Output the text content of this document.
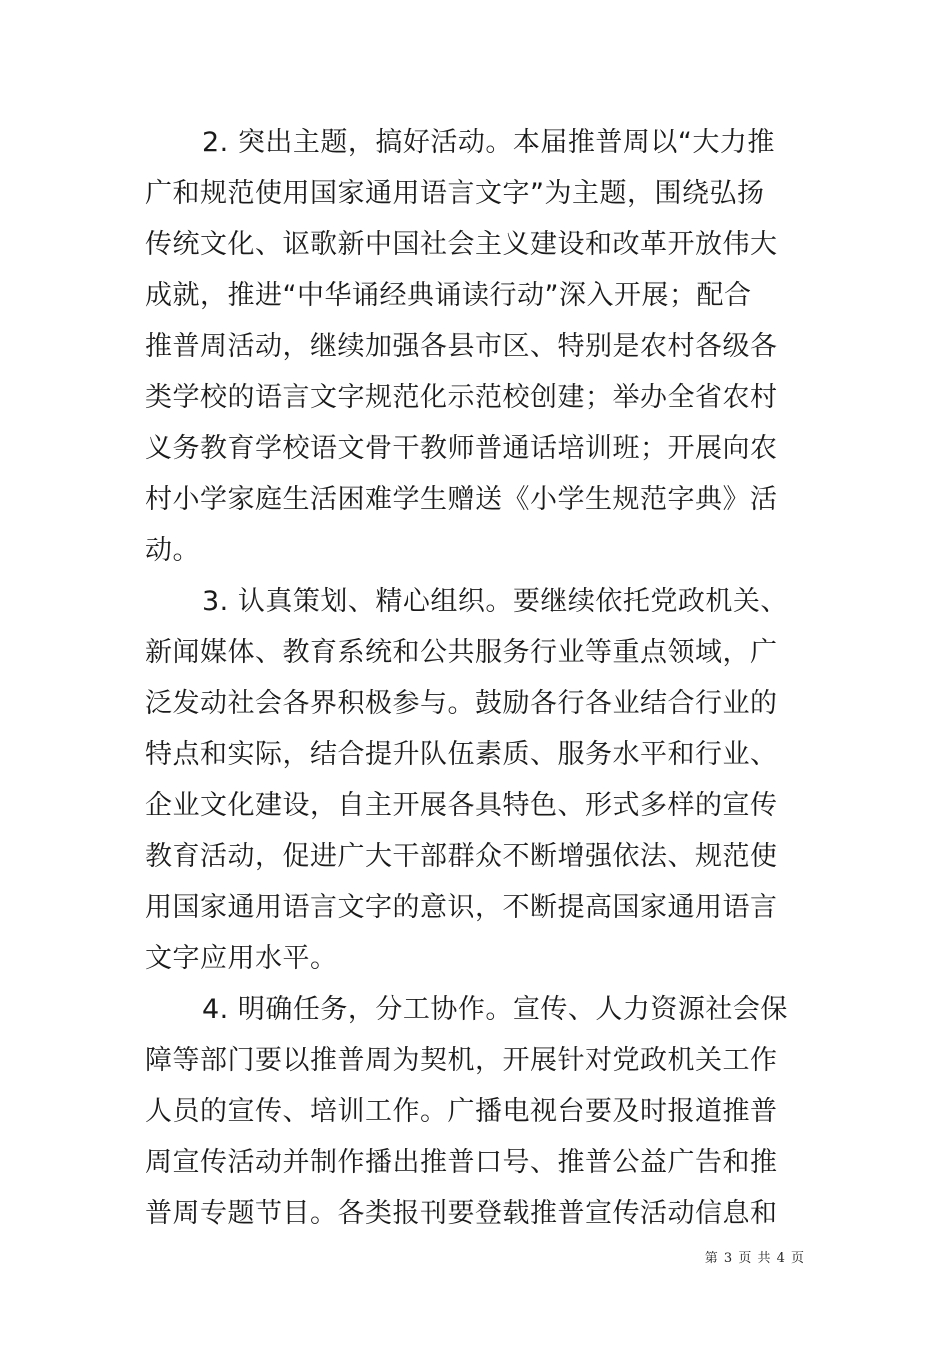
2. 突出主题，搞好活动。本届推普周以“大力推
广和规范使用国家通用语言文字”为主题，围绕弘扬
传统文化、讴歌新中国社会主义建设和改革开放伟大
成就，推进“中华诵经典诵读行动”深入开展；配合
推普周活动，继续加强各县市区、特别是农村各级各
类学校的语言文字规范化示范校创建；举办全省农村
义务教育学校语文骨干教师普通话培训班；开展向农
村小学家庭生活困难学生赠送《小学生规范字典》活
动。
3. 认真策划、精心组织。要继续依托党政机关、
新闻媒体、教育系统和公共服务行业等重点领域，广
泛发动社会各界积极参与。鼓励各行各业结合行业的
特点和实际，结合提升队伍素质、服务水平和行业、
企业文化建设，自主开展各具特色、形式多样的宣传
教育活动，促进广大干部群众不断增强依法、规范使
用国家通用语言文字的意识，不断提高国家通用语言
文字应用水平。
4. 明确任务，分工协作。宣传、人力资源社会保
障等部门要以推普周为契机，开展针对党政机关工作
人员的宣传、培训工作。广播电视台要及时报道推普
周宣传活动并制作播出推普口号、推普公益广告和推
普周专题节目。各类报刊要登载推普宣传活动信息和
第 3 页 共 4 页
